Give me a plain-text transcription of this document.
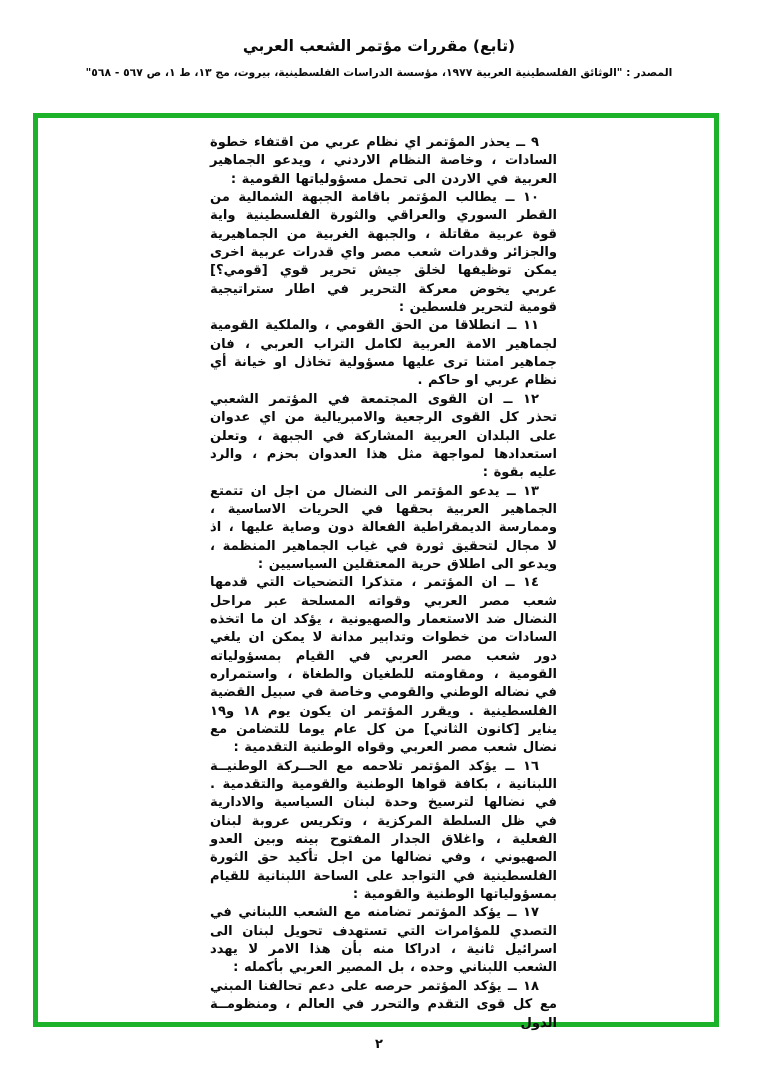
(تابع) مقررات مؤتمر الشعب العربي
المصدر : "الوثائق الفلسطينية العربية ١٩٧٧، مؤسسة الدراسات الفلسطينية، بيروت، مج ١٣، ط ١، ص ٥٦٧ - ٥٦٨"

٩ ــ يحذر المؤتمر اي نظام عربي من اقتفاء خطوة السادات ، وخاصة النظام الاردني ، ويدعو الجماهير العربية في الاردن الى تحمل مسؤولياتها القومية :

١٠ ــ يطالب المؤتمر باقامة الجبهة الشمالية من القطر السوري والعراقي والثورة الفلسطينية واية قوة عربية مقاتلة ، والجبهة الغربية من الجماهيرية والجزائر وقدرات شعب مصر واي قدرات عربية اخرى يمكن توظيفها لخلق جيش تحرير قوي [قومي؟] عربي يخوض معركة التحرير في اطار ستراتيجية قومية لتحرير فلسطين :

١١ ــ انطلاقا من الحق القومي ، والملكية القومية لجماهير الامة العربية لكامل التراب العربي ، فان جماهير امتنا ترى عليها مسؤولية تخاذل او خيانة أي نظام عربي او حاكم .

١٢ ــ ان القوى المجتمعة في المؤتمر الشعبي تحذر كل القوى الرجعية والامبريالية من اي عدوان على البلدان العربية المشاركة في الجبهة ، وتعلن استعدادها لمواجهة مثل هذا العدوان بحزم ، والرد عليه بقوة :

١٣ ــ يدعو المؤتمر الى النضال من اجل ان تتمتع الجماهير العربية بحقها في الحريات الاساسية ، وممارسة الديمقراطية الفعالة دون وصاية عليها ، اذ لا مجال لتحقيق ثورة في غياب الجماهير المنظمة ، ويدعو الى اطلاق حرية المعتقلين السياسيين :

١٤ ــ ان المؤتمر ، متذكرا التضحيات التي قدمها شعب مصر العربي وقواته المسلحة عبر مراحل النضال ضد الاستعمار والصهيونية ، يؤكد ان ما اتخذه السادات من خطوات وتدابير مدانة لا يمكن ان يلغي دور شعب مصر العربي في القيام بمسؤولياته القومية ، ومقاومته للطغيان والطغاة ، واستمراره في نضاله الوطني والقومي وخاصة في سبيل القضية الفلسطينية . ويقرر المؤتمر ان يكون يوم ١٨ و١٩ يناير [كانون الثاني] من كل عام يوما للتضامن مع نضال شعب مصر العربي وقواه الوطنية التقدمية :

١٦ ــ يؤكد المؤتمر تلاحمه مع الحــركة الوطنيــة اللبنانية ، بكافة قواها الوطنية والقومية والتقدمية . في نضالها لترسيخ وحدة لبنان السياسية والادارية في ظل السلطة المركزية ، وتكريس عروبة لبنان الفعلية ، واغلاق الجدار المفتوح بينه وبين العدو الصهيوني ، وفي نضالها من اجل تأكيد حق الثورة الفلسطينية في التواجد على الساحة اللبنانية للقيام بمسؤولياتها الوطنية والقومية :

١٧ ــ يؤكد المؤتمر تضامنه مع الشعب اللبناني في التصدي للمؤامرات التي تستهدف تحويل لبنان الى اسرائيل ثانية ، ادراكا منه بأن هذا الامر لا يهدد الشعب اللبناني وحده ، بل المصير العربي بأكمله :

١٨ ــ يؤكد المؤتمر حرصه على دعم تحالفنا المبني مع كل قوى التقدم والتحرر في العالم ، ومنظومــة الدول

٢
